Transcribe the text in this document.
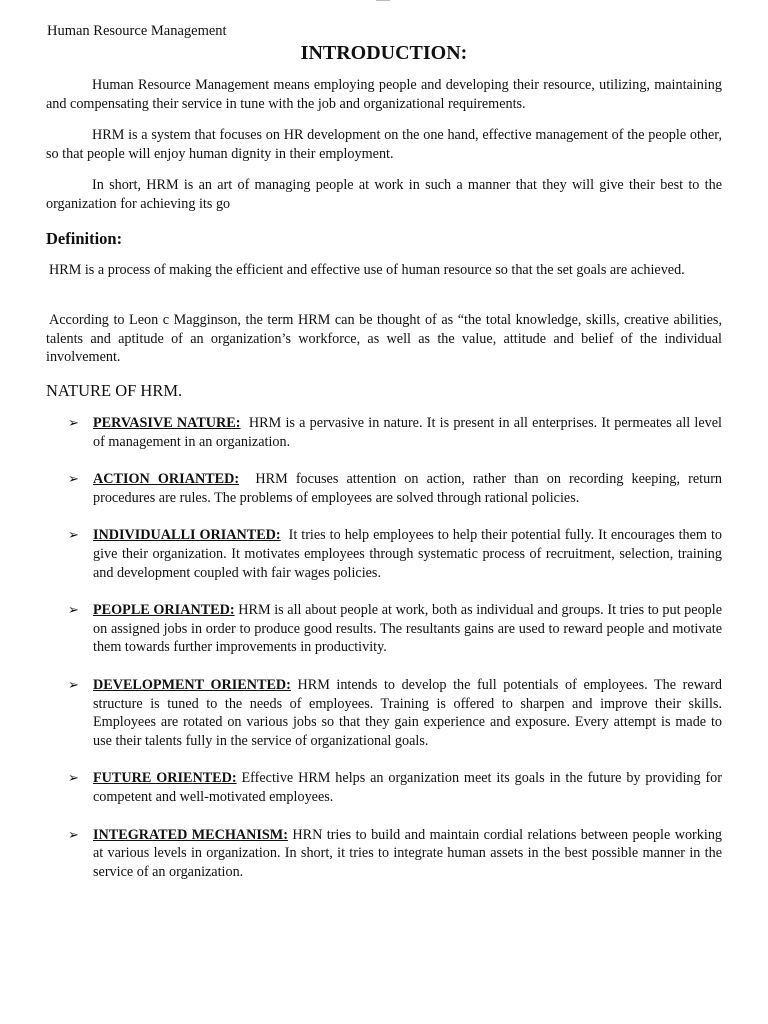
Human Resource Management
INTRODUCTION:

Human Resource Management means employing people and developing their resource, utilizing, maintaining and compensating their service in tune with the job and organizational requirements.

HRM is a system that focuses on HR development on the one hand, effective management of the people other, so that people will enjoy human dignity in their employment.

In short, HRM is an art of managing people at work in such a manner that they will give their best to the organization for achieving its go

Definition:

HRM is a process of making the efficient and effective use of human resource so that the set goals are achieved.

According to Leon c Magginson, the term HRM can be thought of as “the total knowledge, skills, creative abilities, talents and aptitude of an organization’s workforce, as well as the value, attitude and belief of the individual involvement.

NATURE OF HRM.
➢ PERVASIVE NATURE: HRM is a pervasive in nature. It is present in all enterprises. It permeates all level of management in an organization.
➢ ACTION ORIANTED: HRM focuses attention on action, rather than on recording keeping, return procedures are rules. The problems of employees are solved through rational policies.
➢ INDIVIDUALLI ORIANTED: It tries to help employees to help their potential fully. It encourages them to give their organization. It motivates employees through systematic process of recruitment, selection, training and development coupled with fair wages policies.
➢ PEOPLE ORIANTED: HRM is all about people at work, both as individual and groups. It tries to put people on assigned jobs in order to produce good results. The resultants gains are used to reward people and motivate them towards further improvements in productivity.
➢ DEVELOPMENT ORIENTED: HRM intends to develop the full potentials of employees. The reward structure is tuned to the needs of employees. Training is offered to sharpen and improve their skills. Employees are rotated on various jobs so that they gain experience and exposure. Every attempt is made to use their talents fully in the service of organizational goals.
➢ FUTURE ORIENTED: Effective HRM helps an organization meet its goals in the future by providing for competent and well-motivated employees.
➢ INTEGRATED MECHANISM: HRN tries to build and maintain cordial relations between people working at various levels in organization. In short, it tries to integrate human assets in the best possible manner in the service of an organization.
